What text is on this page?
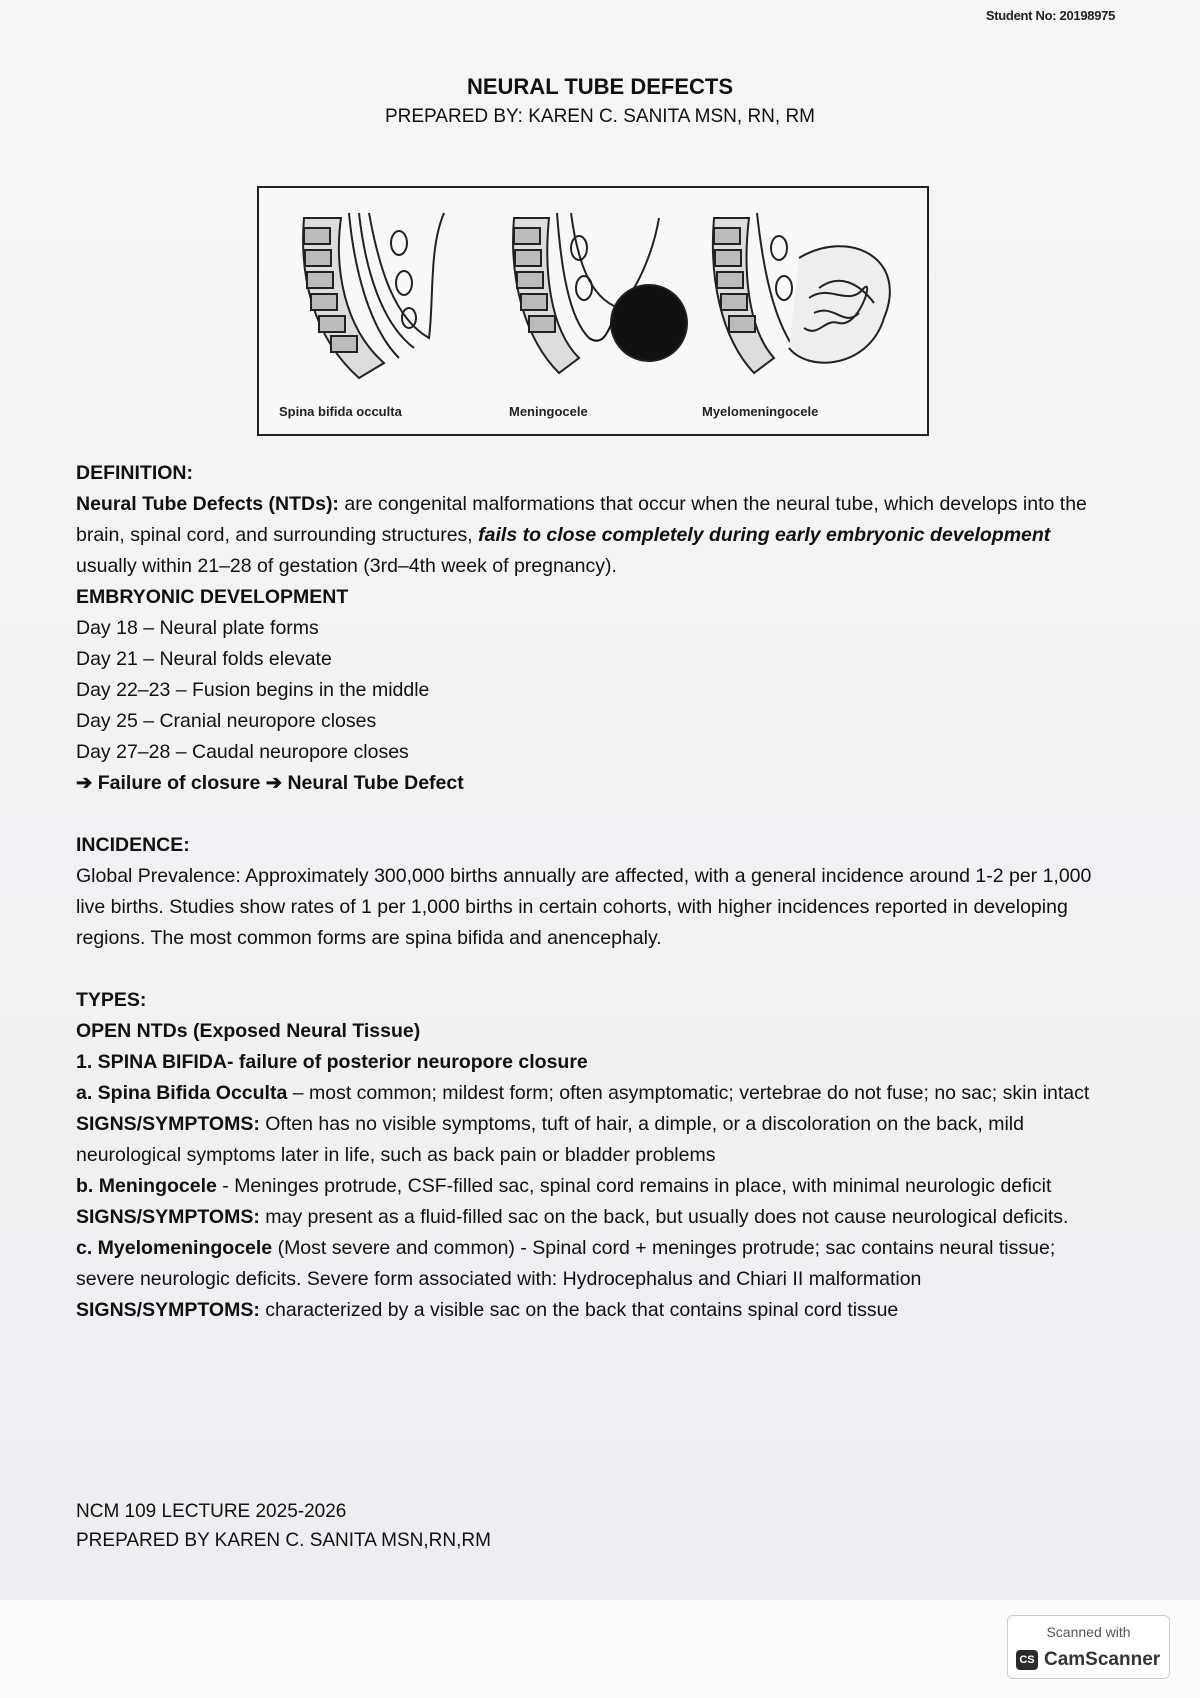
Student No: 20198975
NEURAL TUBE DEFECTS
PREPARED BY: KAREN C. SANITA MSN, RN, RM
Spina bifida occulta	Meningocele	Myelomeningocele

DEFINITION:

Neural Tube Defects (NTDs): are congenital malformations that occur when the neural tube, which develops into the brain, spinal cord, and surrounding structures, fails to close completely during early embryonic development usually within 21–28 of gestation (3rd–4th week of pregnancy).

EMBRYONIC DEVELOPMENT

Day 18 – Neural plate forms

Day 21 – Neural folds elevate

Day 22–23 – Fusion begins in the middle

Day 25 – Cranial neuropore closes

Day 27–28 – Caudal neuropore closes

➔ Failure of closure ➔ Neural Tube Defect

INCIDENCE:

Global Prevalence: Approximately 300,000 births annually are affected, with a general incidence around 1-2 per 1,000 live births. Studies show rates of 1 per 1,000 births in certain cohorts, with higher incidences reported in developing regions. The most common forms are spina bifida and anencephaly.

TYPES:

OPEN NTDs (Exposed Neural Tissue)

1. SPINA BIFIDA- failure of posterior neuropore closure

a. Spina Bifida Occulta – most common; mildest form; often asymptomatic; vertebrae do not fuse; no sac; skin intact

SIGNS/SYMPTOMS: Often has no visible symptoms, tuft of hair, a dimple, or a discoloration on the back, mild neurological symptoms later in life, such as back pain or bladder problems

b. Meningocele - Meninges protrude, CSF-filled sac, spinal cord remains in place, with minimal neurologic deficit

SIGNS/SYMPTOMS: may present as a fluid-filled sac on the back, but usually does not cause neurological deficits.

c. Myelomeningocele (Most severe and common) - Spinal cord + meninges protrude; sac contains neural tissue; severe neurologic deficits. Severe form associated with: Hydrocephalus and Chiari II malformation

SIGNS/SYMPTOMS: characterized by a visible sac on the back that contains spinal cord tissue

NCM 109 LECTURE 2025-2026
PREPARED BY KAREN C. SANITA MSN,RN,RM
Scanned with
CS CamScanner
